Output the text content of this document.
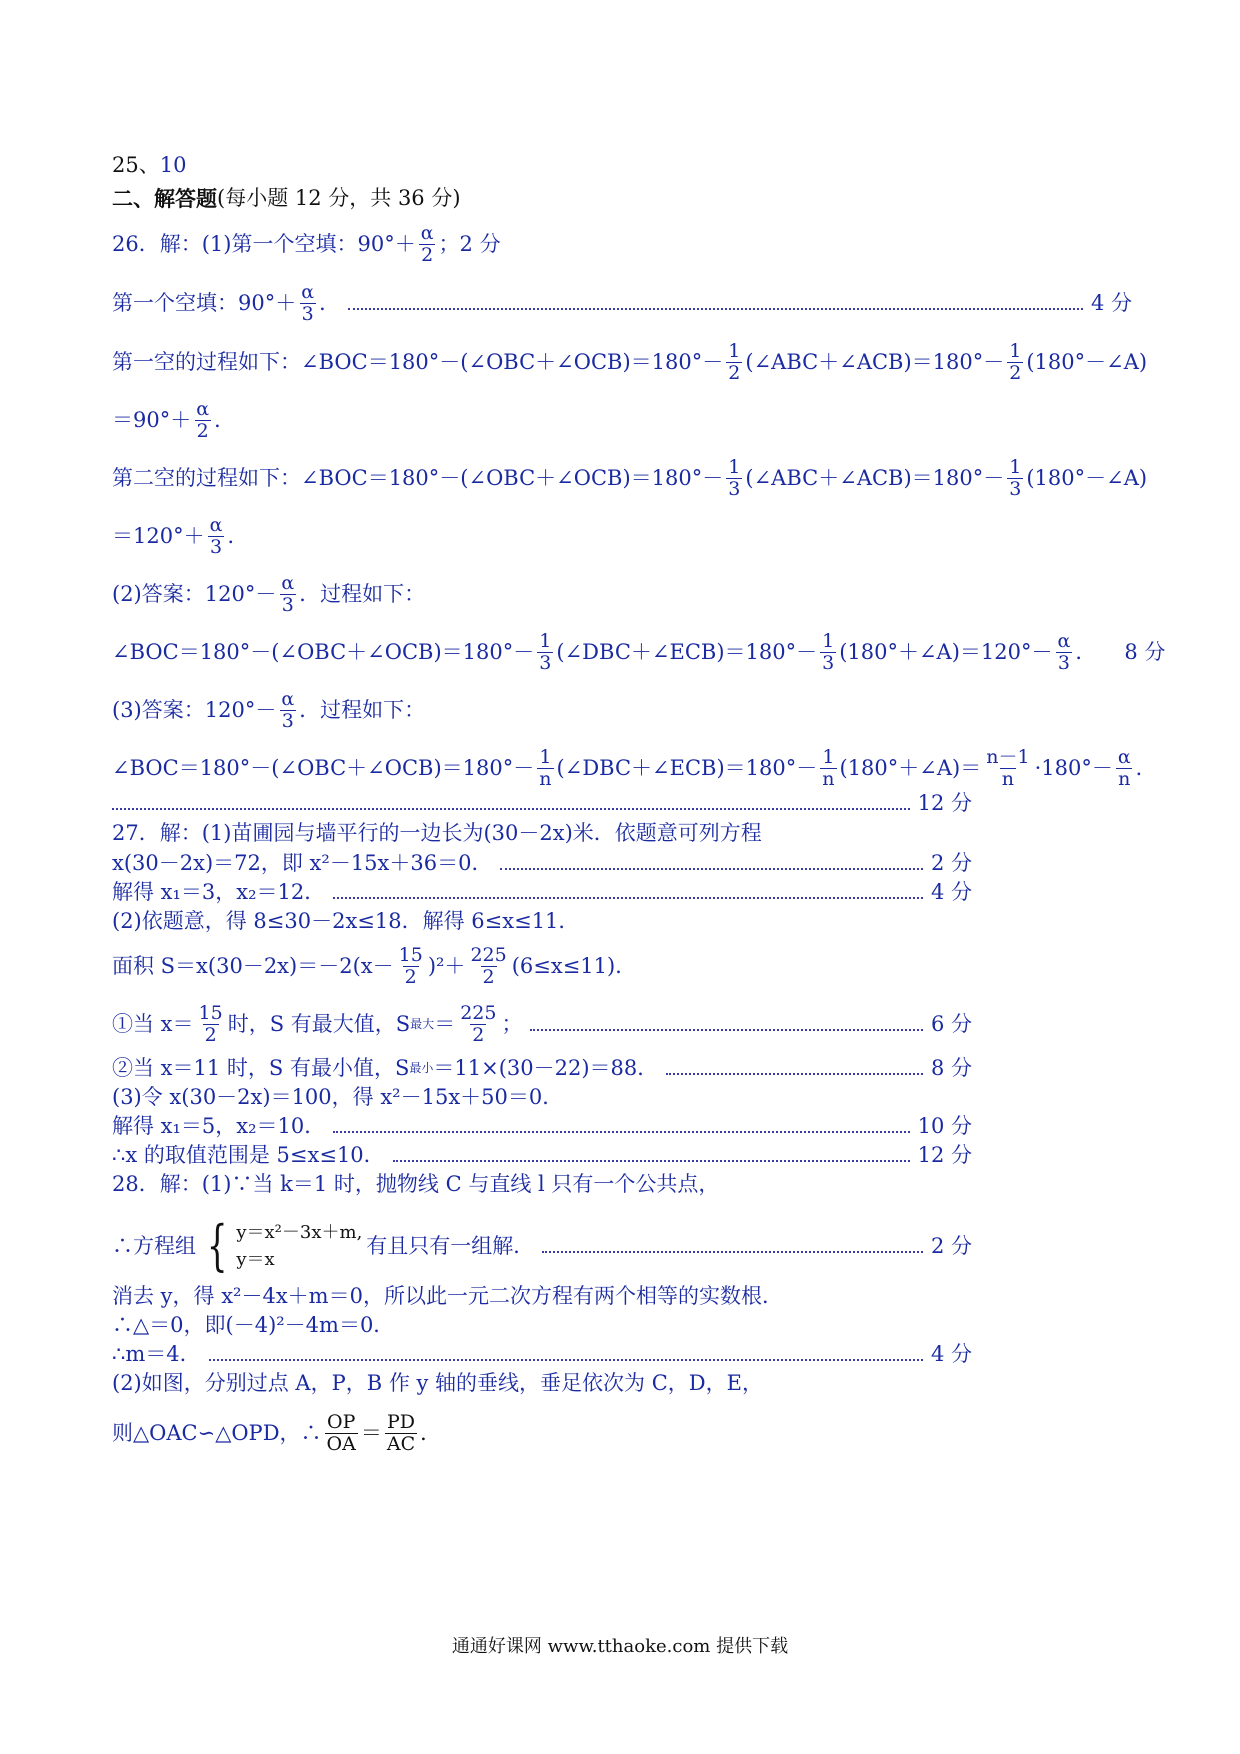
25、 10
二、解答题 (每小题 12 分，共 36 分)
26．解：(1)第一个空填：$90^\circ+ \frac{\alpha}{2}$ ；2 分
第一个空填：$90^\circ+ \frac{\alpha}{3}$ ．	4 分
第一空的过程如下： ∠BOC＝180°－(∠OBC＋∠OCB)＝180°－ $\frac{1}{2}$ (∠ABC＋∠ACB)＝180°－ $\frac{1}{2}$ (180°－∠A)
$=90^\circ+ \frac{\alpha}{2}$ ．
第二空的过程如下： ∠BOC＝180°－(∠OBC＋∠OCB)＝180°－ $\frac{1}{3}$ (∠ABC＋∠ACB)＝180°－ $\frac{1}{3}$ (180°－∠A)
$=120^\circ+ \frac{\alpha}{3}$ ．
(2)答案：$120^\circ- \frac{\alpha}{3}$ ．过程如下：
∠BOC＝180°－(∠OBC＋∠OCB)＝180°－ $\frac{1}{3}$ (∠DBC＋∠ECB)＝180°－ $\frac{1}{3}$ (180°＋∠A)＝120°－ $\frac{\alpha}{3}$ ． 8 分
(3)答案：$120^\circ- \frac{\alpha}{3}$ ．过程如下：
∠BOC＝180°－(∠OBC＋∠OCB)＝180°－ $\frac{1}{n}$ (∠DBC＋∠ECB)＝180°－ $\frac{1}{n}$ (180°＋∠A)＝ $\frac{n-1}{n} \cdot 180^\circ- \frac{\alpha}{n}$ ．
12 分
27．解：(1)苗圃园与墙平行的一边长为(30－2x)米．依题意可列方程
x(30－2x)＝72，即 x²－15x＋36＝0．	2 分
解得 x₁＝3，x₂＝12．	4 分
(2)依题意，得 8≤30－2x≤18．解得 6≤x≤11．
面积 $S=x(30-2x)=-2(x- \frac{15}{2} )^2+ \frac{225}{2} (6\le x\le 11)$．
①当 $x= \frac{15}{2}$ 时，S 有最大值，S 最大 ＝ $\frac{225}{2}$ ；	6 分
②当 x＝11 时，S 有最小值，S 最小 ＝11×(30－22)＝88．	8 分
(3)令 x(30－2x)＝100，得 x²－15x＋50＝0．
解得 x₁＝5，x₂＝10．	10 分
∴x 的取值范围是 5≤x≤10．	12 分
28．解：(1)∵当 k＝1 时，抛物线 C 与直线 l 只有一个公共点，
∴方程组 { y＝x²－3x＋m,
y＝x
有且只有一组解．	2 分
消去 y，得 x²－4x＋m＝0，所以此一元二次方程有两个相等的实数根．
∴△＝0，即(－4)²－4m＝0．
∴m＝4．	4 分
(2)如图，分别过点 A，P，B 作 y 轴的垂线，垂足依次为 C，D，E，
则△OAC∽△OPD，∴ $\frac{OP}{OA} = \frac{PD}{AC}$ ．
通通好课网 www.tthaoke.com 提供下载
